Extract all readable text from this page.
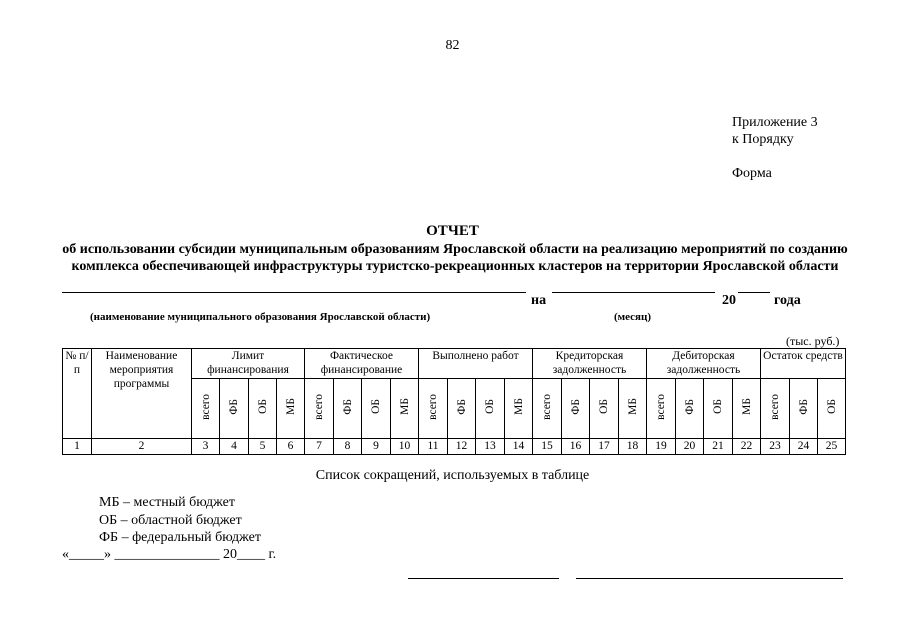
82
Приложение 3
к Порядку
Форма
ОТЧЕТ
об использовании субсидии муниципальным образованиям Ярославской области на реализацию мероприятий по созданию комплекса обеспечивающей инфраструктуры туристско-рекреационных кластеров на территории Ярославской области
на	20	года
(наименование муниципального образования Ярославской области)	(месяц)
(тыс. руб.)
№ п/п	Наименование мероприятия программы	Лимит финансирования				Фактическое финансирование				Выполнено работ				Кредиторская задолженность				Дебиторская задолженность				Остаток средств		
		всего	ФБ	ОБ	МБ	всего	ФБ	ОБ	МБ	всего	ФБ	ОБ	МБ	всего	ФБ	ОБ	МБ	всего	ФБ	ОБ	МБ	всего	ФБ	ОБ
1	2	3	4	5	6	7	8	9	10	11	12	13	14	15	16	17	18	19	20	21	22	23	24	25
Список сокращений, используемых в таблице
МБ – местный бюджет
ОБ – областной бюджет
ФБ – федеральный бюджет
«_____» _______________ 20____ г.
